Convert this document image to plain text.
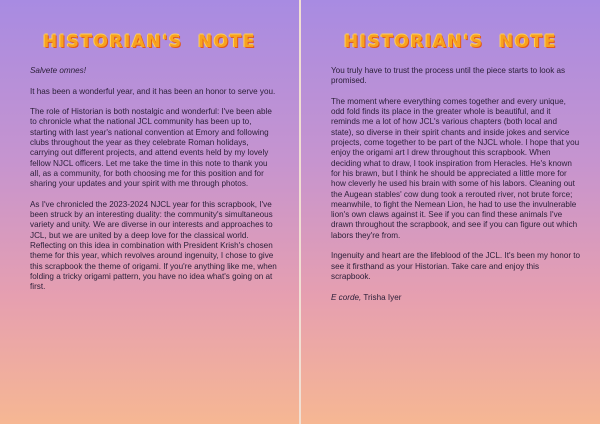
HISTORIAN'S NOTE

Salvete omnes!

It has been a wonderful year, and it has been an honor to serve you.

The role of Historian is both nostalgic and wonderful: I've been able to chronicle what the national JCL community has been up to, starting with last year's national convention at Emory and following clubs throughout the year as they celebrate Roman holidays, carrying out different projects, and attend events held by my lovely fellow NJCL officers. Let me take the time in this note to thank you all, as a community, for both choosing me for this position and for sharing your updates and your spirit with me through photos.

As I've chronicled the 2023-2024 NJCL year for this scrapbook, I've been struck by an interesting duality: the community's simultaneous variety and unity. We are diverse in our interests and approaches to JCL, but we are united by a deep love for the classical world. Reflecting on this idea in combination with President Krish's chosen theme for this year, which revolves around ingenuity, I chose to give this scrapbook the theme of origami. If you're anything like me, when folding a tricky origami pattern, you have no idea what's going on at first.

HISTORIAN'S NOTE

You truly have to trust the process until the piece starts to look as promised.

The moment where everything comes together and every unique, odd fold finds its place in the greater whole is beautiful, and it reminds me a lot of how JCL's various chapters (both local and state), so diverse in their spirit chants and inside jokes and service projects, come together to be part of the NJCL whole. I hope that you enjoy the origami art I drew throughout this scrapbook. When deciding what to draw, I took inspiration from Heracles. He's known for his brawn, but I think he should be appreciated a little more for how cleverly he used his brain with some of his labors. Cleaning out the Augean stables' cow dung took a rerouted river, not brute force; meanwhile, to fight the Nemean Lion, he had to use the invulnerable lion's own claws against it. See if you can find these animals I've drawn throughout the scrapbook, and see if you can figure out which labors they're from.

Ingenuity and heart are the lifeblood of the JCL. It's been my honor to see it firsthand as your Historian. Take care and enjoy this scrapbook.

E corde, Trisha Iyer
